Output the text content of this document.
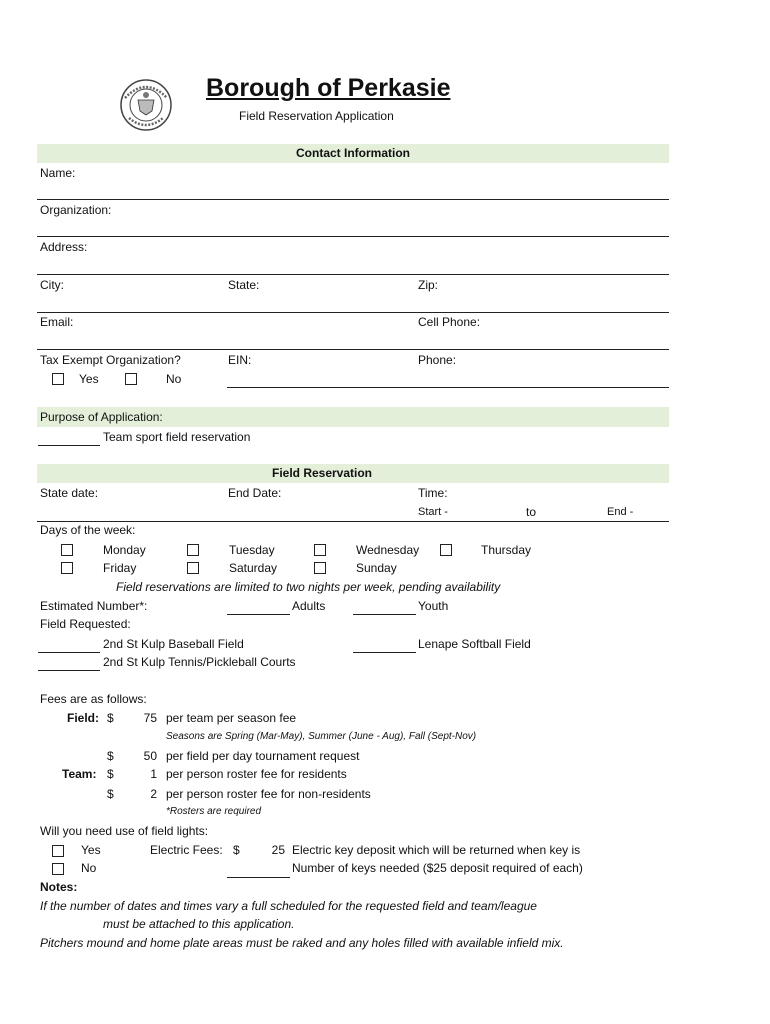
Borough of Perkasie
Field Reservation Application
Contact Information
Name:
Organization:
Address:
City:	State:	Zip:
Email:	Cell Phone:
Tax Exempt Organization?
Yes	No
EIN:	Phone:
Purpose of Application:
Team sport field reservation
Field Reservation
State date:	End Date:	Time:
Start -	to	End -
Days of the week:
Monday	Tuesday	Wednesday	Thursday
Friday	Saturday	Sunday
Field reservations are limited to two nights per week, pending availability
Estimated Number*:	Adults	Youth
Field Requested:
2nd St Kulp Baseball Field	Lenape Softball Field
2nd St Kulp Tennis/Pickleball Courts
Fees are as follows:
Field: $	75 per team per season fee
Seasons are Spring (Mar-May), Summer (June - Aug), Fall (Sept-Nov)
$	50 per field per day tournament request
Team: $	1 per person roster fee for residents
$	2 per person roster fee for non-residents
*Rosters are required
Will you need use of field lights:
Yes	Electric Fees: $	25 Electric key deposit which will be returned when key is
No	Number of keys needed ($25 deposit required of each)
Notes:
If the number of dates and times vary a full scheduled for the requested field and team/league
must be attached to this application.
Pitchers mound and home plate areas must be raked and any holes filled with available infield mix.
